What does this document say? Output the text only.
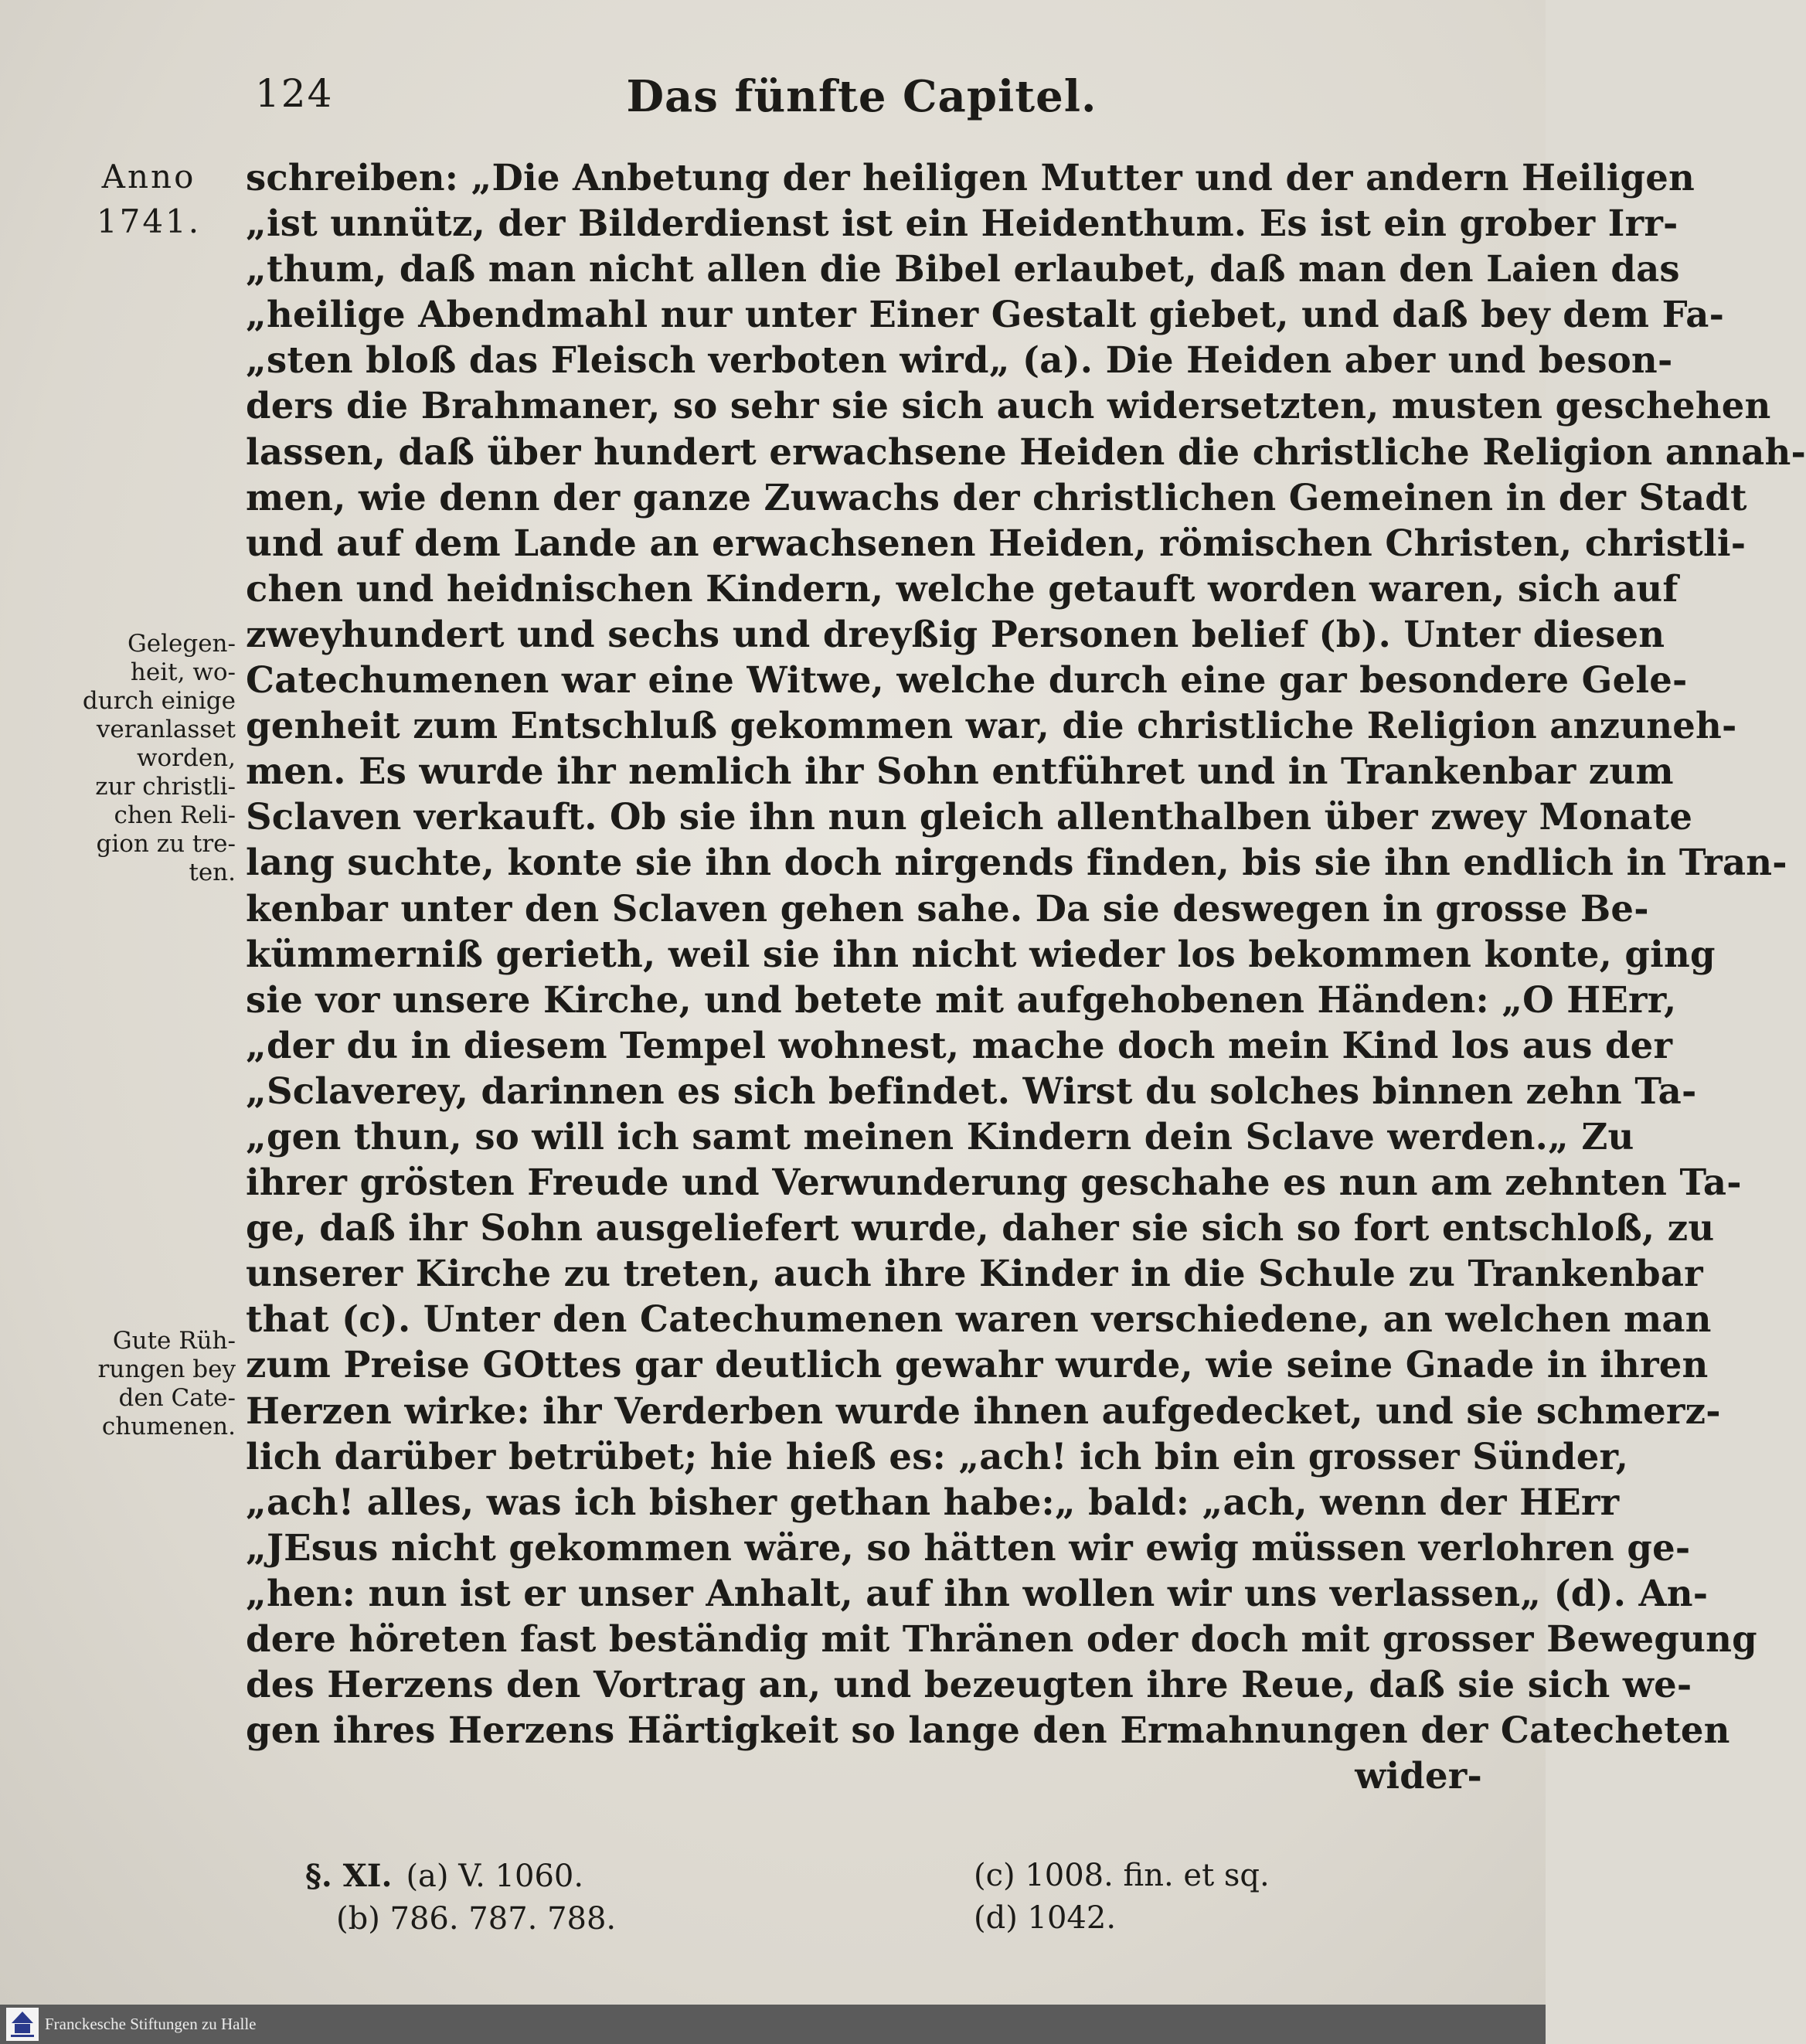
124	Das fünfte Capitel.
Anno
1741.
Gelegen-
heit, wo-
durch einige
veranlasset
worden,
zur christli-
chen Reli-
gion zu tre-
ten.
Gute Rüh-
rungen bey
den Cate-
chumenen.
schreiben: „Die Anbetung der heiligen Mutter und der andern Heiligen
„ist unnütz, der Bilderdienst ist ein Heidenthum. Es ist ein grober Irr-
„thum, daß man nicht allen die Bibel erlaubet, daß man den Laien das
„heilige Abendmahl nur unter Einer Gestalt giebet, und daß bey dem Fa-
„sten bloß das Fleisch verboten wird„ (a). Die Heiden aber und beson-
ders die Brahmaner, so sehr sie sich auch widersetzten, musten geschehen
lassen, daß über hundert erwachsene Heiden die christliche Religion annah-
men, wie denn der ganze Zuwachs der christlichen Gemeinen in der Stadt
und auf dem Lande an erwachsenen Heiden, römischen Christen, christli-
chen und heidnischen Kindern, welche getauft worden waren, sich auf
zweyhundert und sechs und dreyßig Personen belief (b). Unter diesen
Catechumenen war eine Witwe, welche durch eine gar besondere Gele-
genheit zum Entschluß gekommen war, die christliche Religion anzuneh-
men. Es wurde ihr nemlich ihr Sohn entführet und in Trankenbar zum
Sclaven verkauft. Ob sie ihn nun gleich allenthalben über zwey Monate
lang suchte, konte sie ihn doch nirgends finden, bis sie ihn endlich in Tran-
kenbar unter den Sclaven gehen sahe. Da sie deswegen in grosse Be-
kümmerniß gerieth, weil sie ihn nicht wieder los bekommen konte, ging
sie vor unsere Kirche, und betete mit aufgehobenen Händen: „O HErr,
„der du in diesem Tempel wohnest, mache doch mein Kind los aus der
„Sclaverey, darinnen es sich befindet. Wirst du solches binnen zehn Ta-
„gen thun, so will ich samt meinen Kindern dein Sclave werden.„ Zu
ihrer grösten Freude und Verwunderung geschahe es nun am zehnten Ta-
ge, daß ihr Sohn ausgeliefert wurde, daher sie sich so fort entschloß, zu
unserer Kirche zu treten, auch ihre Kinder in die Schule zu Trankenbar
that (c). Unter den Catechumenen waren verschiedene, an welchen man
zum Preise GOttes gar deutlich gewahr wurde, wie seine Gnade in ihren
Herzen wirke: ihr Verderben wurde ihnen aufgedecket, und sie schmerz-
lich darüber betrübet; hie hieß es: „ach! ich bin ein grosser Sünder,
„ach! alles, was ich bisher gethan habe:„ bald: „ach, wenn der HErr
„JEsus nicht gekommen wäre, so hätten wir ewig müssen verlohren ge-
„hen: nun ist er unser Anhalt, auf ihn wollen wir uns verlassen„ (d). An-
dere höreten fast beständig mit Thränen oder doch mit grosser Bewegung
des Herzens den Vortrag an, und bezeugten ihre Reue, daß sie sich we-
gen ihres Herzens Härtigkeit so lange den Ermahnungen der Catecheten
wider-
§. XI. (a) V. 1060.
(b) 786. 787. 788.
(c) 1008. fin. et sq.
(d) 1042.
Franckesche Stiftungen zu Halle
